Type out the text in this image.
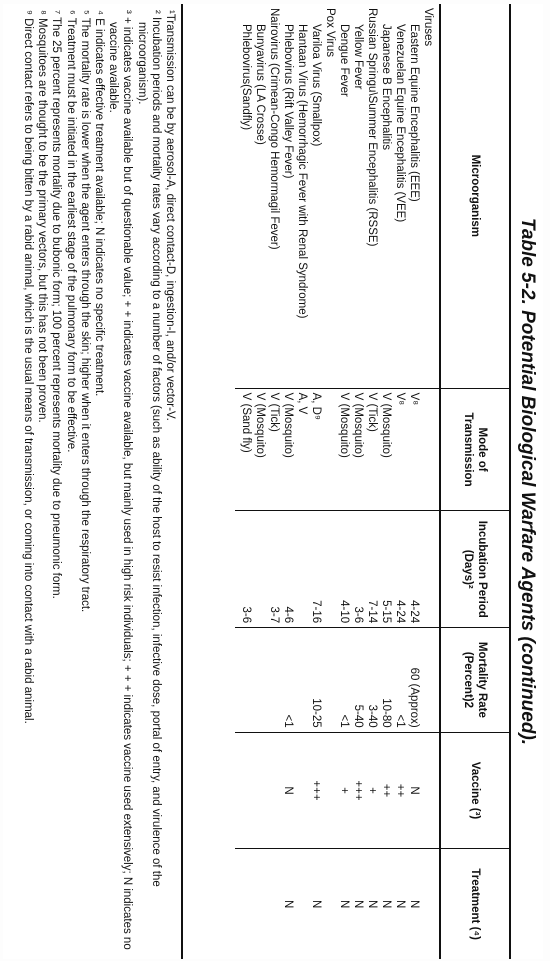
Table 5-2. Potential Biological Warfare Agents (continued).
Microorganism	Mode of Transmission	Incubation Period (Days)²	Mortality Rate (Percent)2	Vaccine (³)	Treatment (⁴)
Viruses					
Eastern Equine Encephalitis (EEE)	V⁸	4-24	60 (Approx)	N	N
Venezuelan Equine Encephalitis (VEE)	V⁸	4-24	<1	++	N
Japanese B Encephalitis	V (Mosquito)	5-15	10-80	++	N
Russian Springu\Summer Encephalitis (RSSE)	V (Tick)	7-14	3-40	+	N
Yellow Fever	V (Mosquito)	3-6	5-40	+++	N
Dengue Fever	V (Mosquito)	4-10	<1	+	N
Pox Virus					
Variloa Virus (Smallpox)	A, D⁹	7-16	10-25	+++	N
Hantaan Virus (Hemorrhagic Fever with Renal Syndrome)	A, V				
Phlebovirus (Rift Valley Fever)	V (Mosquito)	4-6	<1	N	N
Nairovirus (Crimean-Congo Hemormagil Fever)	V (Tick)	3-7			
Bunyavirus (LA Crosse)	V (Mosquito)				
Phlebovirus(Sandfly)	V (Sand fly)	3-6			
¹Transmission can be by aerosol-A, direct contact-D, ingestion-I, and/or vector-V.
² Incubation periods and mortality rates vary according to a number of factors (such as ability of the host to resist infection, infective dose, portal of entry, and virulence of the microorganism).
³ + indicates vaccine available but of questionable value; + + indicates vaccine available, but mainly used in high risk individuals; + + + indicates vaccine used extensively; N indicates no vaccine available.
⁴ E indicates effective treatment available; N indicates no specific treatment.
⁵ The mortality rate is lower when the agent enters through the skin; higher when it enters through the respiratory tract.
⁶ Treatment must be initiated in the earliest stage of the pulmonary form to be effective.
⁷ The 25 percent represents mortality due to bubonic form; 100 percent represents mortality due to pneumonic form.
⁸ Mosquitoes are thought to be the primary vectors, but this has not been proven.
⁹ Direct contact refers to being bitten by a rabid animal, which is the usual means of transmission, or coming into contact with a rabid animal.
